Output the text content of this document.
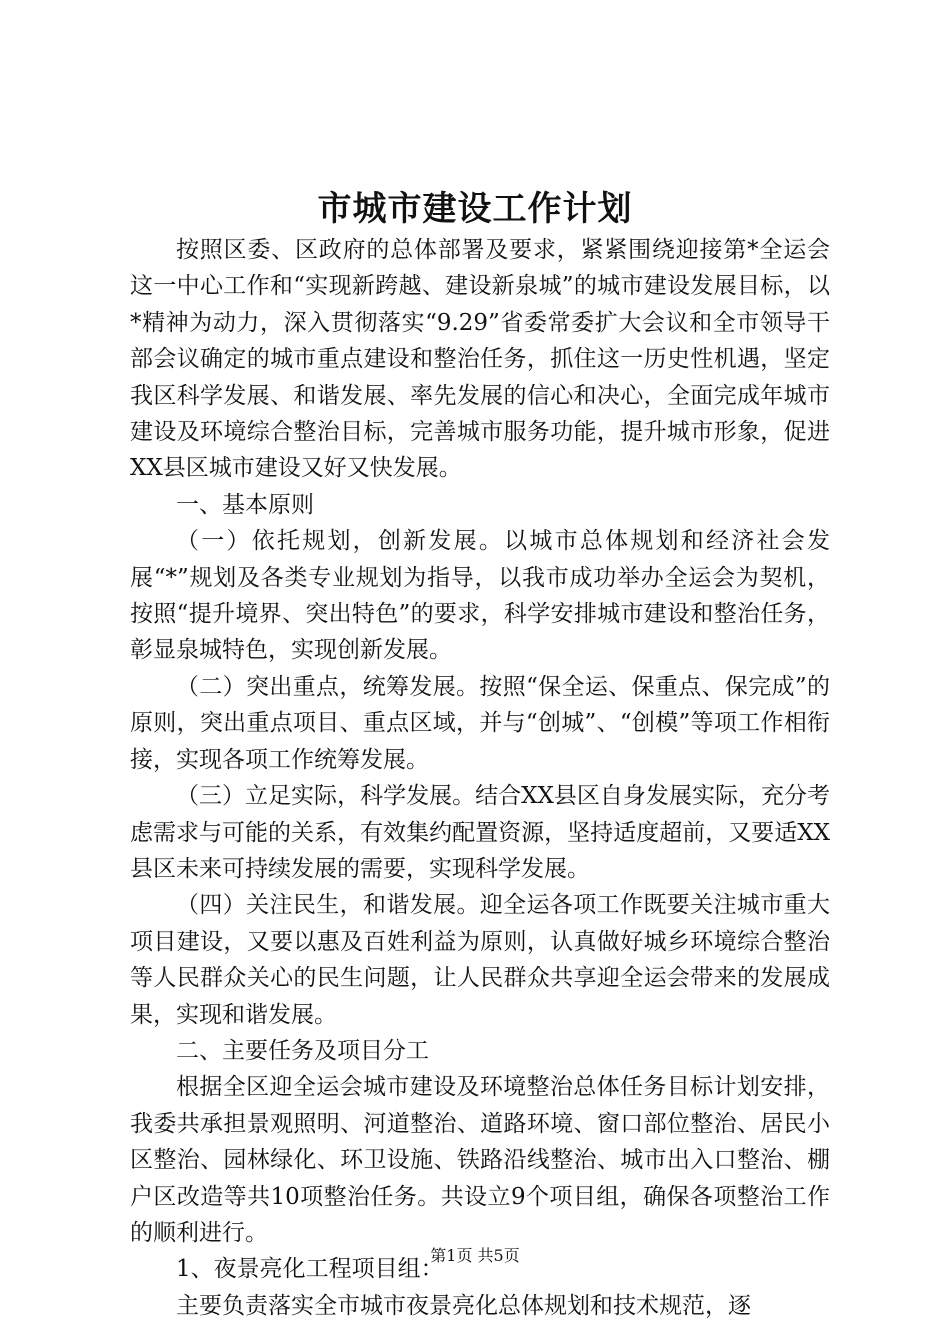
市城市建设工作计划

按照区委、区政府的总体部署及要求，紧紧围绕迎接第*全运会这一中心工作和“实现新跨越、建设新泉城”的城市建设发展目标，以*精神为动力，深入贯彻落实“9.29”省委常委扩大会议和全市领导干部会议确定的城市重点建设和整治任务，抓住这一历史性机遇，坚定我区科学发展、和谐发展、率先发展的信心和决心，全面完成年城市建设及环境综合整治目标，完善城市服务功能，提升城市形象，促进XX县区城市建设又好又快发展。

一、基本原则

（一）依托规划，创新发展。以城市总体规划和经济社会发展“*”规划及各类专业规划为指导，以我市成功举办全运会为契机，按照“提升境界、突出特色”的要求，科学安排城市建设和整治任务，彰显泉城特色，实现创新发展。

（二）突出重点，统筹发展。按照“保全运、保重点、保完成”的原则，突出重点项目、重点区域，并与“创城”、“创模”等项工作相衔接，实现各项工作统筹发展。

（三）立足实际，科学发展。结合XX县区自身发展实际，充分考虑需求与可能的关系，有效集约配置资源，坚持适度超前，又要适XX县区未来可持续发展的需要，实现科学发展。

（四）关注民生，和谐发展。迎全运各项工作既要关注城市重大项目建设，又要以惠及百姓利益为原则，认真做好城乡环境综合整治等人民群众关心的民生问题，让人民群众共享迎全运会带来的发展成果，实现和谐发展。

二、主要任务及项目分工

根据全区迎全运会城市建设及环境整治总体任务目标计划安排，我委共承担景观照明、河道整治、道路环境、窗口部位整治、居民小区整治、园林绿化、环卫设施、铁路沿线整治、城市出入口整治、棚户区改造等共10项整治任务。共设立9个项目组，确保各项整治工作的顺利进行。

1、夜景亮化工程项目组：

主要负责落实全市城市夜景亮化总体规划和技术规范，逐

第1页 共5页
